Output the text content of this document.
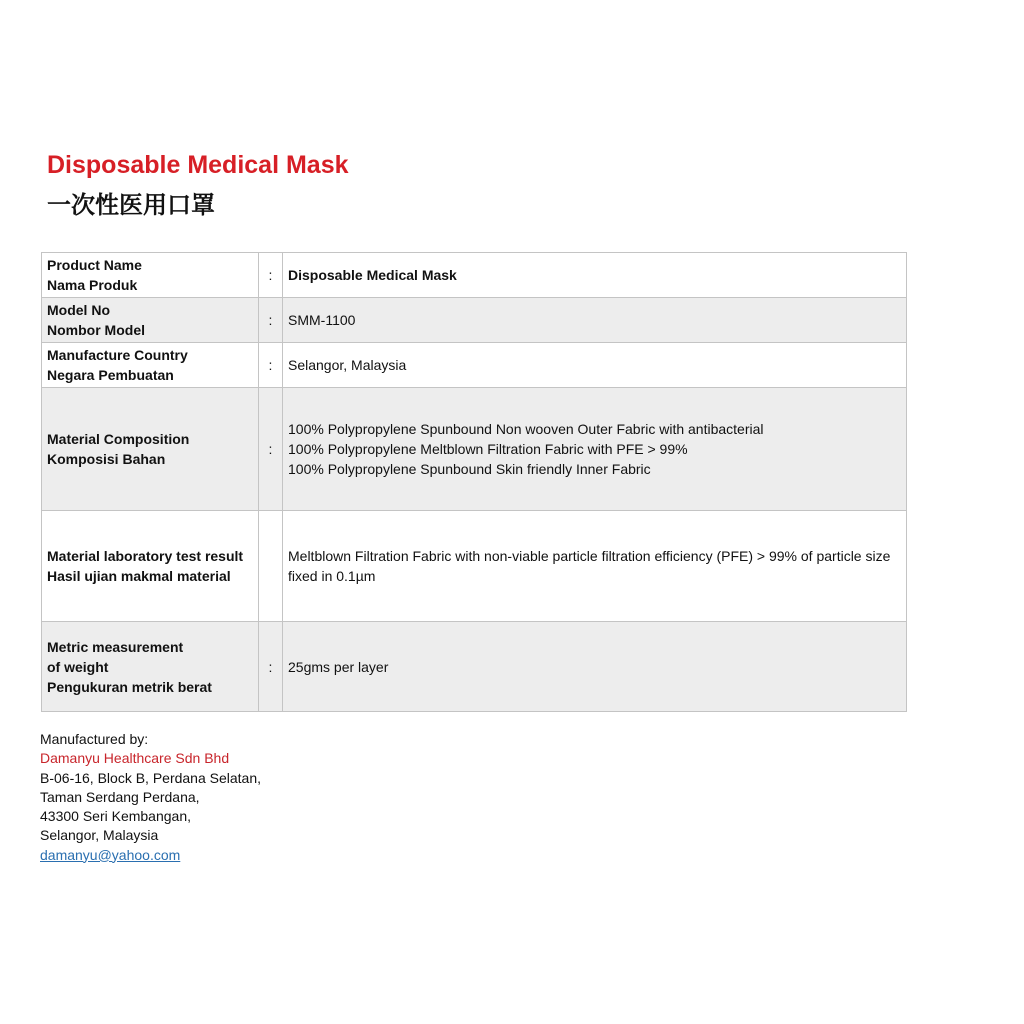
Disposable Medical Mask
一次性医用口罩
Product Name
Nama Produk	:	Disposable Medical Mask

Model No
Nombor Model	:	SMM-1100

Manufacture Country
Negara Pembuatan	:	Selangor, Malaysia

Material Composition
Komposisi Bahan	:	100% Polypropylene Spunbound Non wooven Outer Fabric with antibacterial
100% Polypropylene Meltblown Filtration Fabric with PFE > 99%
100% Polypropylene Spunbound Skin friendly Inner Fabric

Material laboratory test result
Hasil ujian makmal material		Meltblown Filtration Fabric with non-viable particle filtration efficiency (PFE) > 99% of particle size fixed in 0.1µm

Metric measurement
of weight
Pengukuran metrik berat	:	25gms per layer
Manufactured by:
Damanyu Healthcare Sdn Bhd
B-06-16, Block B, Perdana Selatan,
Taman Serdang Perdana,
43300 Seri Kembangan,
Selangor, Malaysia
damanyu@yahoo.com
